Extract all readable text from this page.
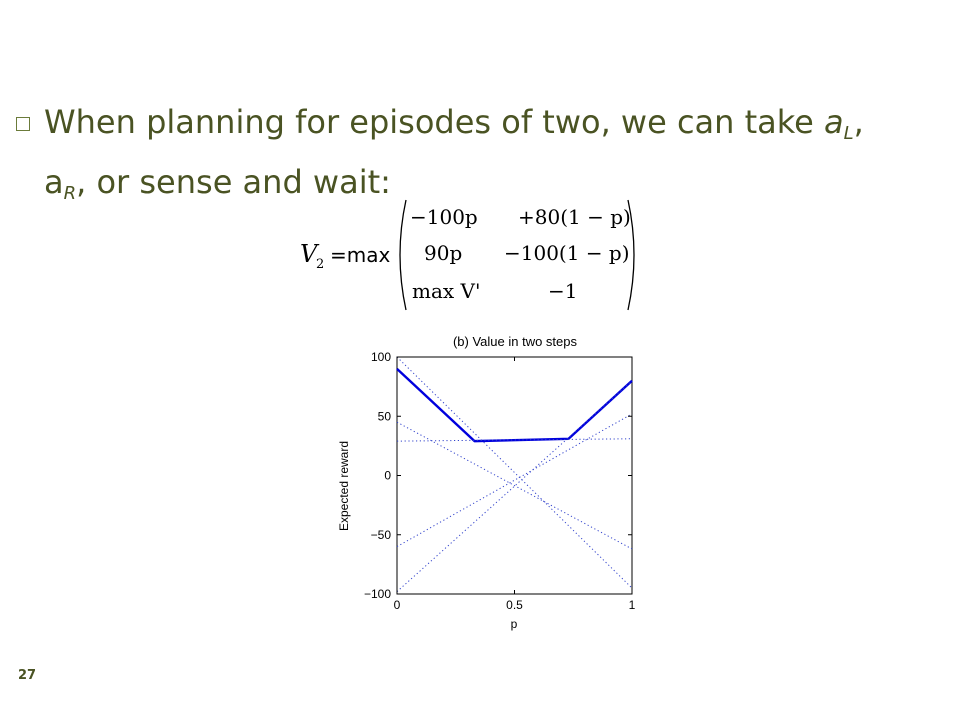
When planning for episodes of two, we can take $a_L$,
$a_R$, or sense and wait:
V
2 =max
−100p +80(1 − p)
90p −100(1 − p)
max V'	−1
(b) Value in two steps
Expected reward
p
100
50
0
−50
−100
0	0.5	1
27
